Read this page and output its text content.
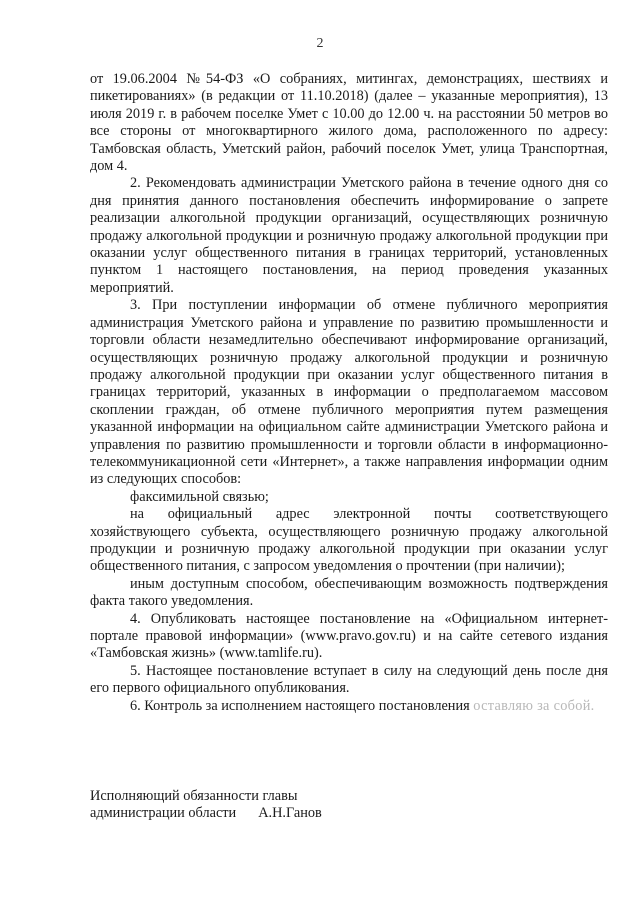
2

от 19.06.2004 №54-ФЗ «О собраниях, митингах, демонстрациях, шествиях и пикетированиях» (в редакции от 11.10.2018) (далее – указанные мероприятия), 13 июля 2019 г. в рабочем поселке Умет с 10.00 до 12.00 ч. на расстоянии 50 метров во все стороны от многоквартирного жилого дома, расположенного по адресу: Тамбовская область, Уметский район, рабочий поселок Умет, улица Транспортная, дом 4.

2. Рекомендовать администрации Уметского района в течение одного дня со дня принятия данного постановления обеспечить информирование о запрете реализации алкогольной продукции организаций, осуществляющих розничную продажу алкогольной продукции и розничную продажу алкогольной продукции при оказании услуг общественного питания в границах территорий, установленных пунктом 1 настоящего постановления, на период проведения указанных мероприятий.

3. При поступлении информации об отмене публичного мероприятия администрация Уметского района и управление по развитию промышленности и торговли области незамедлительно обеспечивают информирование организаций, осуществляющих розничную продажу алкогольной продукции и розничную продажу алкогольной продукции при оказании услуг общественного питания в границах территорий, указанных в информации о предполагаемом массовом скоплении граждан, об отмене публичного мероприятия путем размещения указанной информации на официальном сайте администрации Уметского района и управления по развитию промышленности и торговли области в информационно-телекоммуникационной сети «Интернет», а также направления информации одним из следующих способов:

факсимильной связью;

на официальный адрес электронной почты соответствующего хозяйствующего субъекта, осуществляющего розничную продажу алкогольной продукции и розничную продажу алкогольной продукции при оказании услуг общественного питания, с запросом уведомления о прочтении (при наличии);

иным доступным способом, обеспечивающим возможность подтверждения факта такого уведомления.

4. Опубликовать настоящее постановление на «Официальном интернет-портале правовой информации» (www.pravo.gov.ru) и на сайте сетевого издания «Тамбовская жизнь» (www.tamlife.ru).

5. Настоящее постановление вступает в силу на следующий день после дня его первого официального опубликования.

6. Контроль за исполнением настоящего постановления оставляю за собой.

Исполняющий обязанности главы
администрации области А.Н.Ганов
